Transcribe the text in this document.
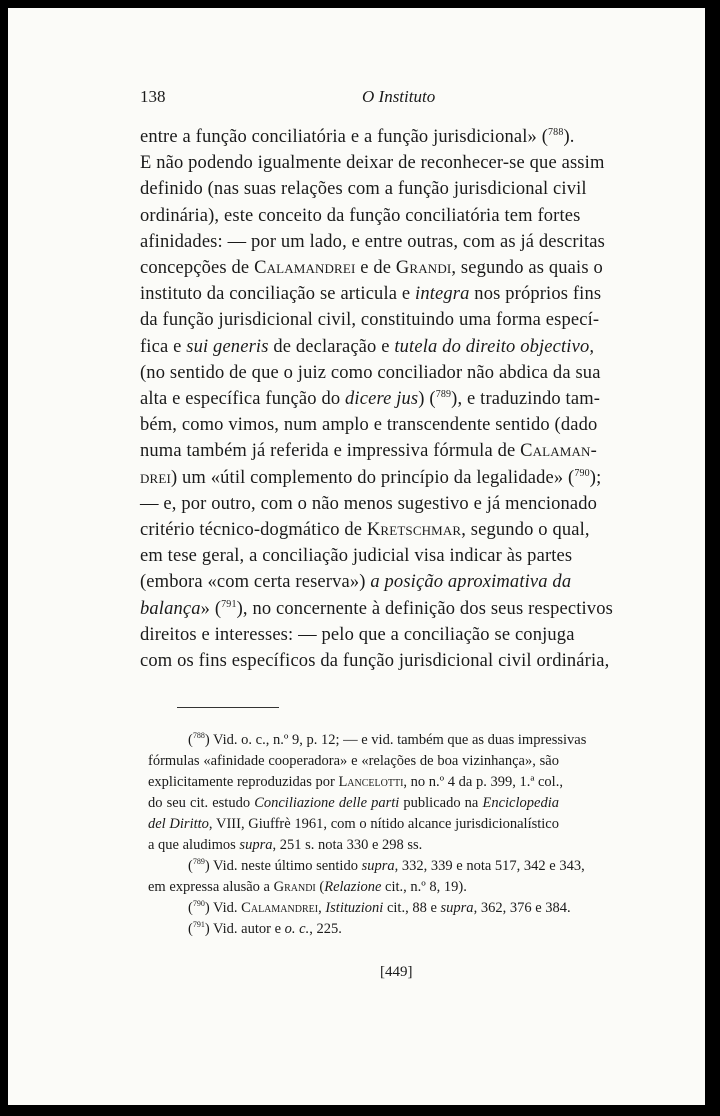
138	O Instituto
entre a função conciliatória e a função jurisdicional» ($^{788}$).
E não podendo igualmente deixar de reconhecer-se que assim
definido (nas suas relações com a função jurisdicional civil
ordinária), este conceito da função conciliatória tem fortes
afinidades: — por um lado, e entre outras, com as já descritas
concepções de Calamandrei e de Grandi, segundo as quais o
instituto da conciliação se articula e integra nos próprios fins
da função jurisdicional civil, constituindo uma forma especí-
fica e sui generis de declaração e tutela do direito objectivo,
(no sentido de que o juiz como conciliador não abdica da sua
alta e específica função do dicere jus) ($^{789}$), e traduzindo tam-
bém, como vimos, num amplo e transcendente sentido (dado
numa também já referida e impressiva fórmula de Calaman-
drei) um «útil complemento do princípio da legalidade» ($^{790}$);
— e, por outro, com o não menos sugestivo e já mencionado
critério técnico-dogmático de Kretschmar, segundo o qual,
em tese geral, a conciliação judicial visa indicar às partes
(embora «com certa reserva») a posição aproximativa da
balança» ($^{791}$), no concernente à definição dos seus respectivos
direitos e interesses: — pelo que a conciliação se conjuga
com os fins específicos da função jurisdicional civil ordinária,
($^{788}$) Vid. o. c., n.º 9, p. 12; — e vid. também que as duas impressivas
fórmulas «afinidade cooperadora» e «relações de boa vizinhança», são
explicitamente reproduzidas por Lancelotti, no n.º 4 da p. 399, 1.ª col.,
do seu cit. estudo Conciliazione delle parti publicado na Enciclopedia
del Diritto, VIII, Giuffrè 1961, com o nítido alcance jurisdicionalístico
a que aludimos supra, 251 s. nota 330 e 298 ss.
($^{789}$) Vid. neste último sentido supra, 332, 339 e nota 517, 342 e 343,
em expressa alusão a Grandi (Relazione cit., n.º 8, 19).
($^{790}$) Vid. Calamandrei, Istituzioni cit., 88 e supra, 362, 376 e 384.
($^{791}$) Vid. autor e o. c., 225.
[449]
